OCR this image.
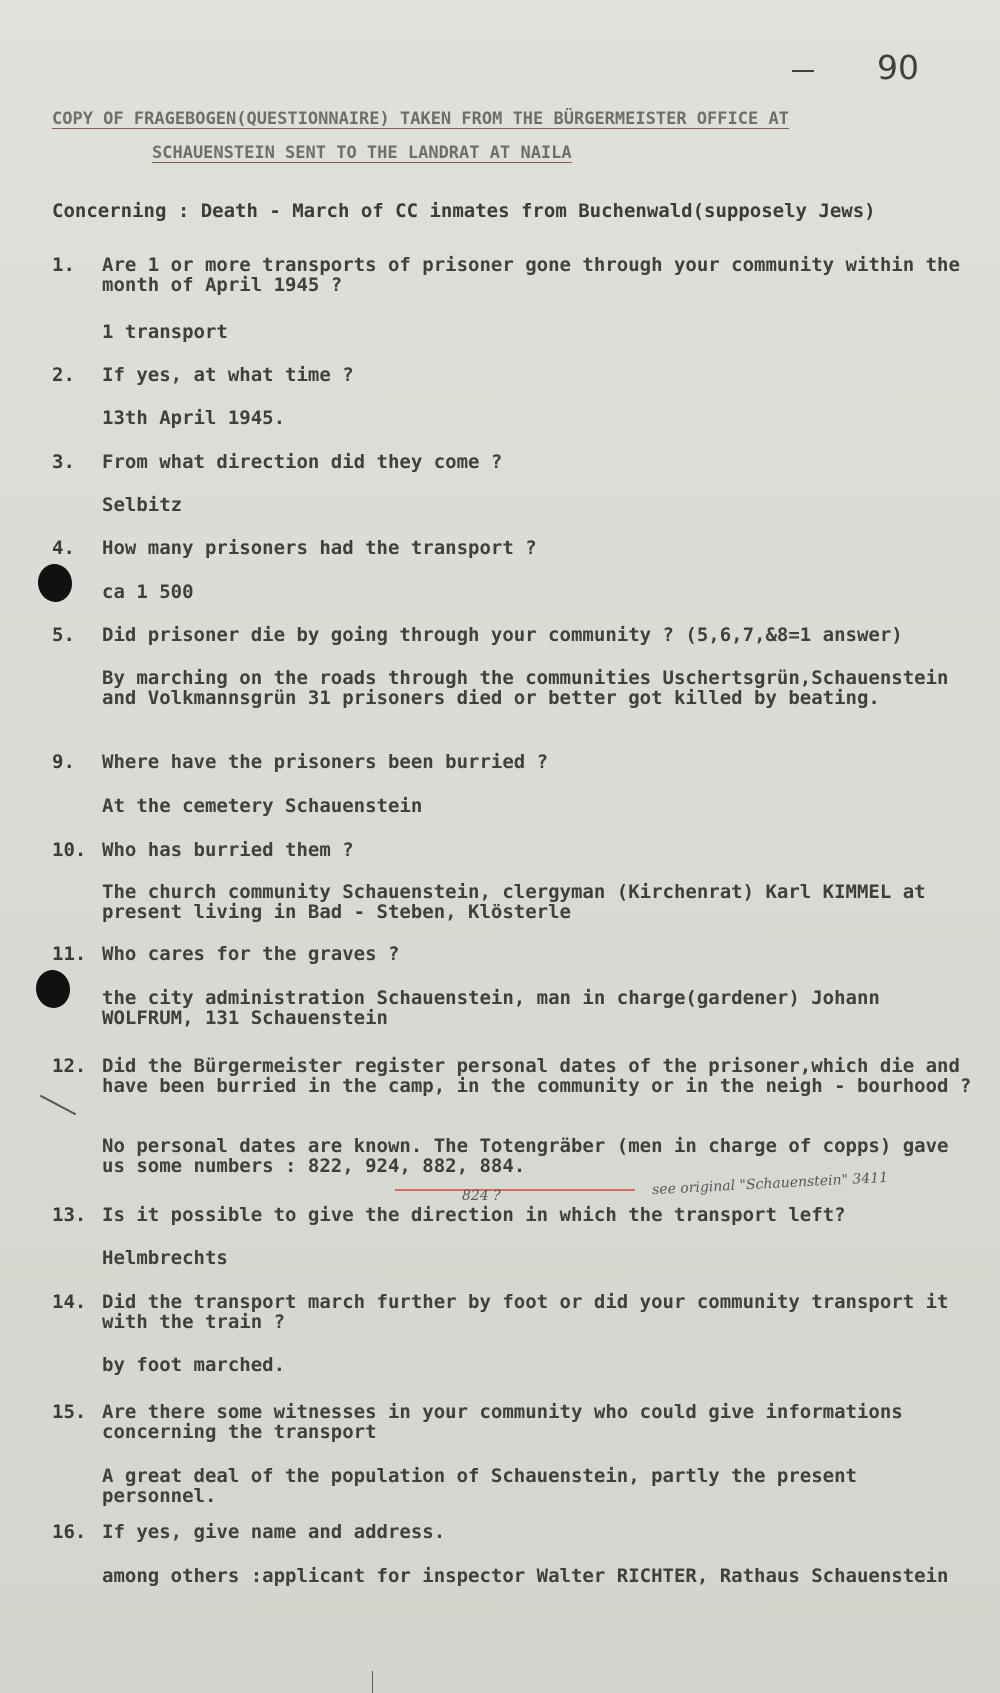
90
COPY OF FRAGEBOGEN(QUESTIONNAIRE) TAKEN FROM THE BÜRGERMEISTER OFFICE AT
SCHAUENSTEIN SENT TO THE LANDRAT AT NAILA
Concerning : Death - March of CC inmates from Buchenwald(supposely Jews)
1.	Are 1 or more transports of prisoner gone through your community within the month of April 1945 ?
1 transport
2.	If yes, at what time ?
13th April 1945.
3.	From what direction did they come ?
Selbitz
4.	How many prisoners had the transport ?
ca 1 500
5.	Did prisoner die by going through your community ? (5,6,7,&8=1 answer)
By marching on the roads through the communities Uschertsgrün,Schauenstein and Volkmannsgrün 31 prisoners died or better got killed by beating.
9.	Where have the prisoners been burried ?
At the cemetery Schauenstein
10. Who has burried them ?
The church community Schauenstein, clergyman (Kirchenrat) Karl KIMMEL at present living in Bad - Steben, Klösterle
11. Who cares for the graves ?
the city administration Schauenstein, man in charge(gardener) Johann WOLFRUM, 131 Schauenstein
12. Did the Bürgermeister register personal dates of the prisoner,which die and have been burried in the camp, in the community or in the neigh - bourhood ?
No personal dates are known. The Totengräber (men in charge of copps) gave us some numbers : 822, 924, 882, 884.
824 ?	see original "Schauenstein" 3411
13. Is it possible to give the direction in which the transport left?
Helmbrechts
14. Did the transport march further by foot or did your community transport it with the train ?
by foot marched.
15. Are there some witnesses in your community who could give informations concerning the transport
A great deal of the population of Schauenstein, partly the present personnel.
16. If yes, give name and address.
among others :applicant for inspector Walter RICHTER, Rathaus Schauenstein
